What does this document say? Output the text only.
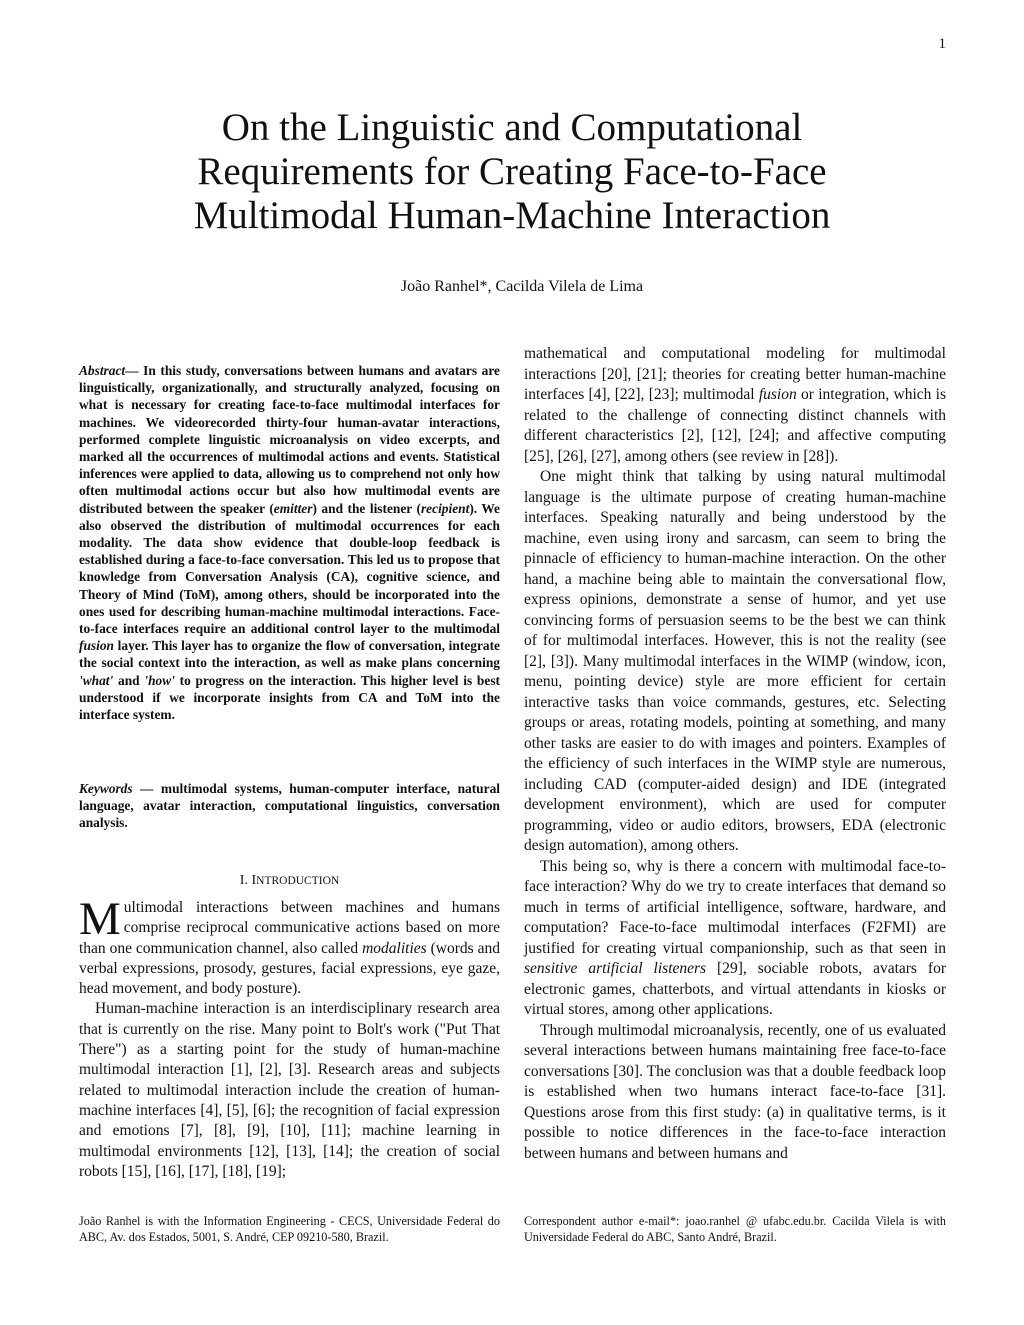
1
On the Linguistic and Computational
Requirements for Creating Face-to-Face
Multimodal Human-Machine Interaction
João Ranhel*, Cacilda Vilela de Lima

Abstract— In this study, conversations between humans and avatars are linguistically, organizationally, and structurally analyzed, focusing on what is necessary for creating face-to-face multimodal interfaces for machines. We videorecorded thirty-four human-avatar interactions, performed complete linguistic microanalysis on video excerpts, and marked all the occurrences of multimodal actions and events. Statistical inferences were applied to data, allowing us to comprehend not only how often multimodal actions occur but also how multimodal events are distributed between the speaker (emitter) and the listener (recipient). We also observed the distribution of multimodal occurrences for each modality. The data show evidence that double-loop feedback is established during a face-to-face conversation. This led us to propose that knowledge from Conversation Analysis (CA), cognitive science, and Theory of Mind (ToM), among others, should be incorporated into the ones used for describing human-machine multimodal interactions. Face-to-face interfaces require an additional control layer to the multimodal fusion layer. This layer has to organize the flow of conversation, integrate the social context into the interaction, as well as make plans concerning 'what' and 'how' to progress on the interaction. This higher level is best understood if we incorporate insights from CA and ToM into the interface system.

Keywords — multimodal systems, human-computer interface, natural language, avatar interaction, computational linguistics, conversation analysis.

I. INTRODUCTION

Multimodal interactions between machines and humans comprise reciprocal communicative actions based on more than one communication channel, also called modalities (words and verbal expressions, prosody, gestures, facial expressions, eye gaze, head movement, and body posture).

Human-machine interaction is an interdisciplinary research area that is currently on the rise. Many point to Bolt's work ("Put That There") as a starting point for the study of human-machine multimodal interaction [1], [2], [3]. Research areas and subjects related to multimodal interaction include the creation of human-machine interfaces [4], [5], [6]; the recognition of facial expression and emotions [7], [8], [9], [10], [11]; machine learning in multimodal environments [12], [13], [14]; the creation of social robots [15], [16], [17], [18], [19];

mathematical and computational modeling for multimodal interactions [20], [21]; theories for creating better human-machine interfaces [4], [22], [23]; multimodal fusion or integration, which is related to the challenge of connecting distinct channels with different characteristics [2], [12], [24]; and affective computing [25], [26], [27], among others (see review in [28]).

One might think that talking by using natural multimodal language is the ultimate purpose of creating human-machine interfaces. Speaking naturally and being understood by the machine, even using irony and sarcasm, can seem to bring the pinnacle of efficiency to human-machine interaction. On the other hand, a machine being able to maintain the conversational flow, express opinions, demonstrate a sense of humor, and yet use convincing forms of persuasion seems to be the best we can think of for multimodal interfaces. However, this is not the reality (see [2], [3]). Many multimodal interfaces in the WIMP (window, icon, menu, pointing device) style are more efficient for certain interactive tasks than voice commands, gestures, etc. Selecting groups or areas, rotating models, pointing at something, and many other tasks are easier to do with images and pointers. Examples of the efficiency of such interfaces in the WIMP style are numerous, including CAD (computer-aided design) and IDE (integrated development environment), which are used for computer programming, video or audio editors, browsers, EDA (electronic design automation), among others.

This being so, why is there a concern with multimodal face-to-face interaction? Why do we try to create interfaces that demand so much in terms of artificial intelligence, software, hardware, and computation? Face-to-face multimodal interfaces (F2FMI) are justified for creating virtual companionship, such as that seen in sensitive artificial listeners [29], sociable robots, avatars for electronic games, chatterbots, and virtual attendants in kiosks or virtual stores, among other applications.

Through multimodal microanalysis, recently, one of us evaluated several interactions between humans maintaining free face-to-face conversations [30]. The conclusion was that a double feedback loop is established when two humans interact face-to-face [31]. Questions arose from this first study: (a) in qualitative terms, is it possible to notice differences in the face-to-face interaction between humans and between humans and

João Ranhel is with the Information Engineering - CECS, Universidade Federal do ABC, Av. dos Estados, 5001, S. André, CEP 09210-580, Brazil.
Correspondent author e-mail*: joao.ranhel @ ufabc.edu.br. Cacilda Vilela is with Universidade Federal do ABC, Santo André, Brazil.
